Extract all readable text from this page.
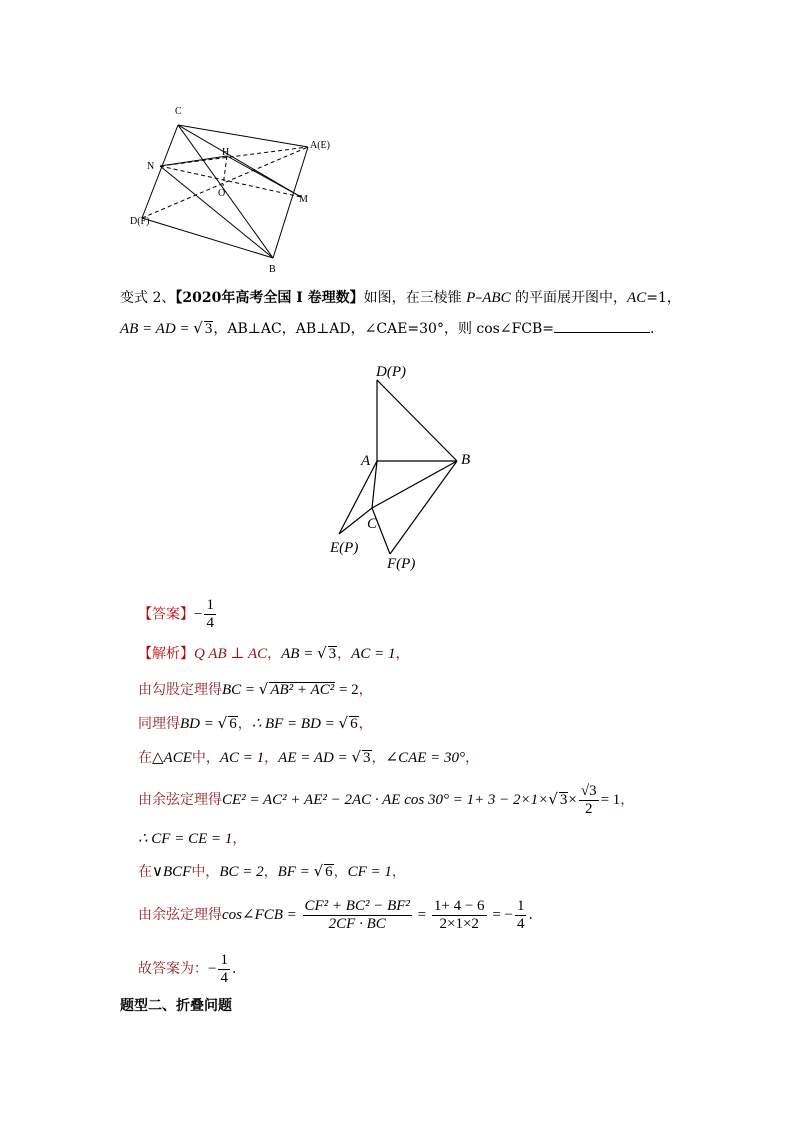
C
A(E)
N
H
O
M
D(F)
B
变式 2、【2020年高考全国 I 卷理数】如图，在三棱锥 P–ABC 的平面展开图中，AC=1，
AB = AD = √ 3，AB⊥AC，AB⊥AD，∠CAE=30°，则 cos∠FCB=	.
D(P)
A	B
C
E(P)
F(P)
【答案】− $\frac{1}{4}$
【解析】Q AB ⊥ AC，AB = √ 3，AC = 1，
由勾股定理得BC = √ AB² + AC² = 2，
同理得BD = √ 6，∴ BF = BD = √ 6，
在△ACE中，AC = 1，AE = AD = √ 3，∠CAE = 30°，
由余弦定理得CE² = AC² + AE² − 2AC · AE cos 30° = 1+ 3 − 2×1×√ $3\times \frac{√3}{2} = 1$，
∴ CF = CE = 1，
在∨BCF中，BC = 2，BF = √ 6，CF = 1，
由余弦定理得cos∠FCB = $\frac{\text{CF² + BC² − BF²}}{2CF \cdot BC} = \frac{1+ 4 - 6}{2\times 1\times 2}$ = − $\frac{1}{4}$ .
故答案为：− $\frac{1}{4}$ .
题型二、折叠问题
